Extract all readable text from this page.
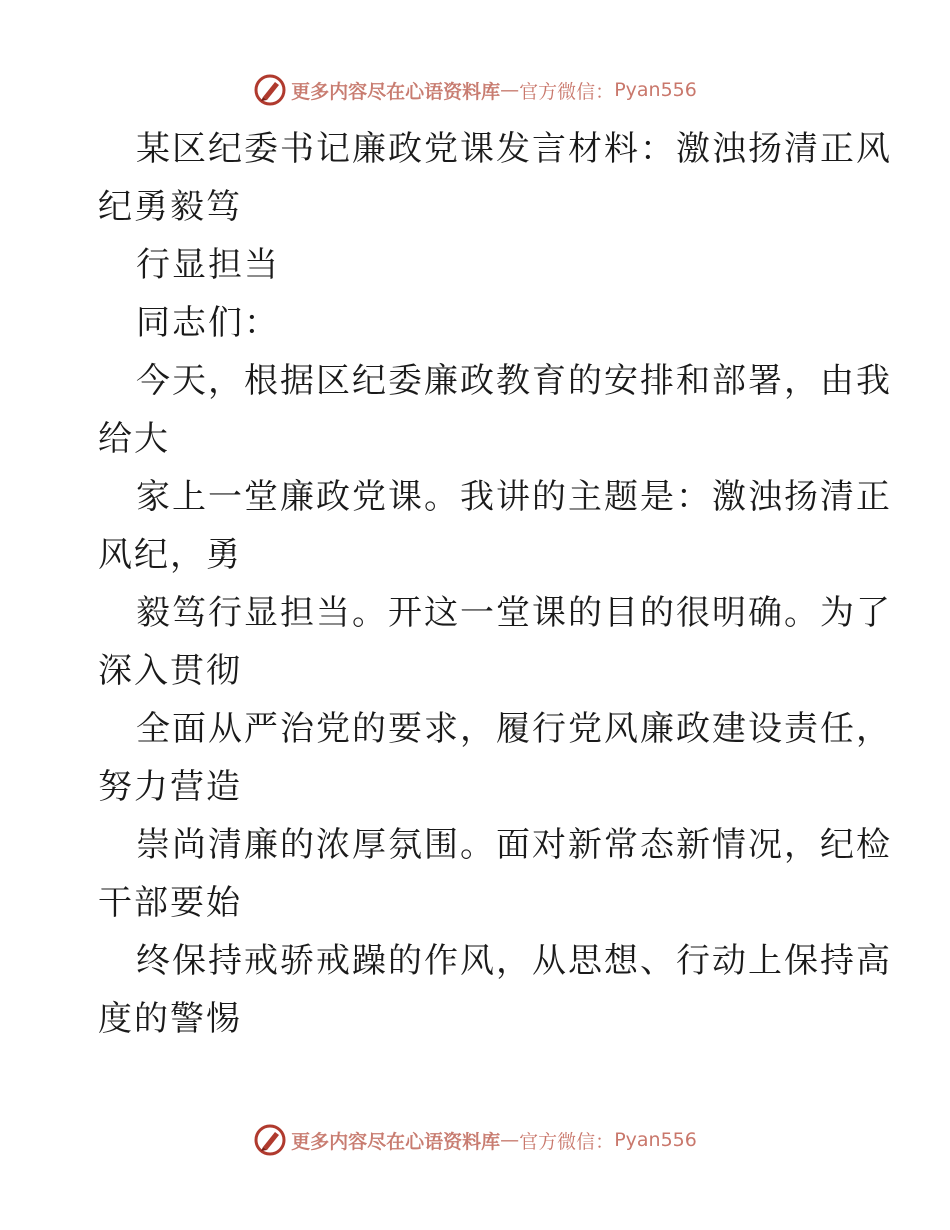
更多内容尽在心语资料库 — 官方微信： Pyan556
某区纪委书记廉政党课发言材料：激浊扬清正风
纪勇毅笃
行显担当
同志们：
今天，根据区纪委廉政教育的安排和部署，由我
给大
家上一堂廉政党课。我讲的主题是：激浊扬清正
风纪，勇
毅笃行显担当。开这一堂课的目的很明确。为了
深入贯彻
全面从严治党的要求，履行党风廉政建设责任，
努力营造
崇尚清廉的浓厚氛围。面对新常态新情况，纪检
干部要始
终保持戒骄戒躁的作风，从思想、行动上保持高
度的警惕
更多内容尽在心语资料库 — 官方微信： Pyan556
